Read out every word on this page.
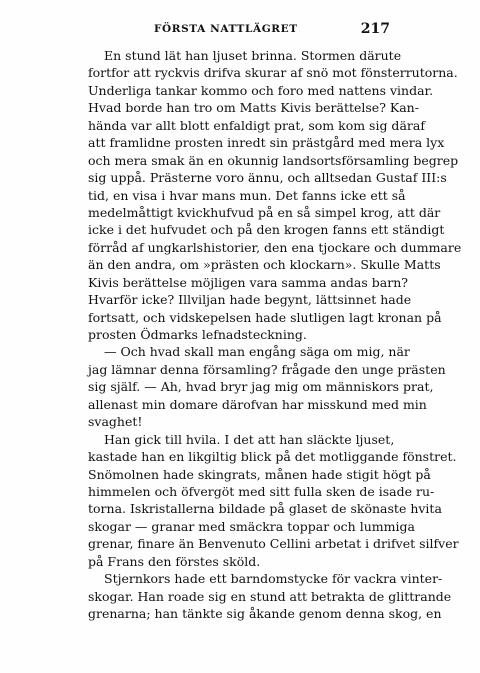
FÖRSTA NATTLÄGRET	217
En stund lät han ljuset brinna. Stormen därute
fortfor att ryckvis drifva skurar af snö mot fönsterrutorna.
Underliga tankar kommo och foro med nattens vindar.
Hvad borde han tro om Matts Kivis berättelse? Kan-
hända var allt blott enfaldigt prat, som kom sig däraf
att framlidne prosten inredt sin prästgård med mera lyx
och mera smak än en okunnig landsortsförsamling begrep
sig uppå. Prästerne voro ännu, och alltsedan Gustaf III:s
tid, en visa i hvar mans mun. Det fanns icke ett så
medelmåttigt kvickhufvud på en så simpel krog, att där
icke i det hufvudet och på den krogen fanns ett ständigt
förråd af ungkarlshistorier, den ena tjockare och dummare
än den andra, om »prästen och klockarn». Skulle Matts
Kivis berättelse möjligen vara samma andas barn?
Hvarför icke? Illviljan hade begynt, lättsinnet hade
fortsatt, och vidskepelsen hade slutligen lagt kronan på
prosten Ödmarks lefnadsteckning.
— Och hvad skall man engång säga om mig, när
jag lämnar denna församling? frågade den unge prästen
sig själf. — Ah, hvad bryr jag mig om människors prat,
allenast min domare därofvan har misskund med min
svaghet!
Han gick till hvila. I det att han släckte ljuset,
kastade han en likgiltig blick på det motliggande fönstret.
Snömolnen hade skingrats, månen hade stigit högt på
himmelen och öfvergöt med sitt fulla sken de isade ru-
torna. Iskristallerna bildade på glaset de skönaste hvita
skogar — granar med smäckra toppar och lummiga
grenar, finare än Benvenuto Cellini arbetat i drifvet silfver
på Frans den förstes sköld.
Stjernkors hade ett barndomstycke för vackra vinter-
skogar. Han roade sig en stund att betrakta de glittrande
grenarna; han tänkte sig åkande genom denna skog, en
